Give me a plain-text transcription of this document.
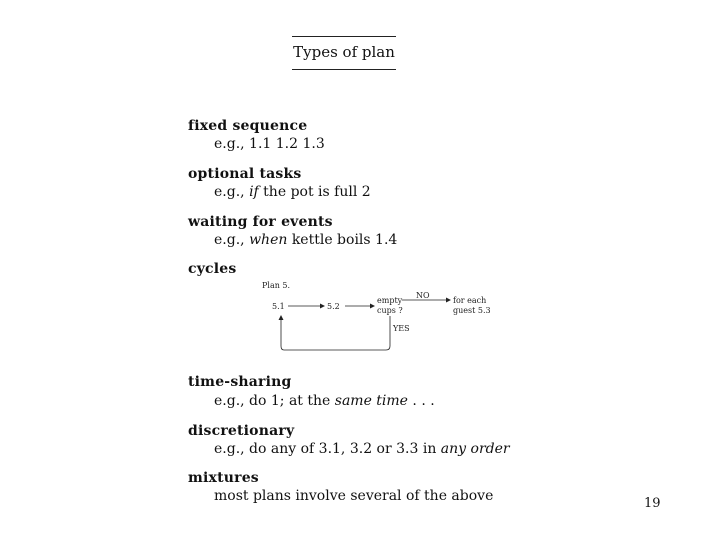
Types of plan
fixed sequence
e.g., 1.1 1.2 1.3
optional tasks
e.g., if the pot is full 2
waiting for events
e.g., when kettle boils 1.4
cycles
Plan 5.
5.1	5.2
empty
cups ?
NO
for each
guest 5.3
YES
time-sharing
e.g., do 1; at the same time . . .
discretionary
e.g., do any of 3.1, 3.2 or 3.3 in any order
mixtures
most plans involve several of the above	19
